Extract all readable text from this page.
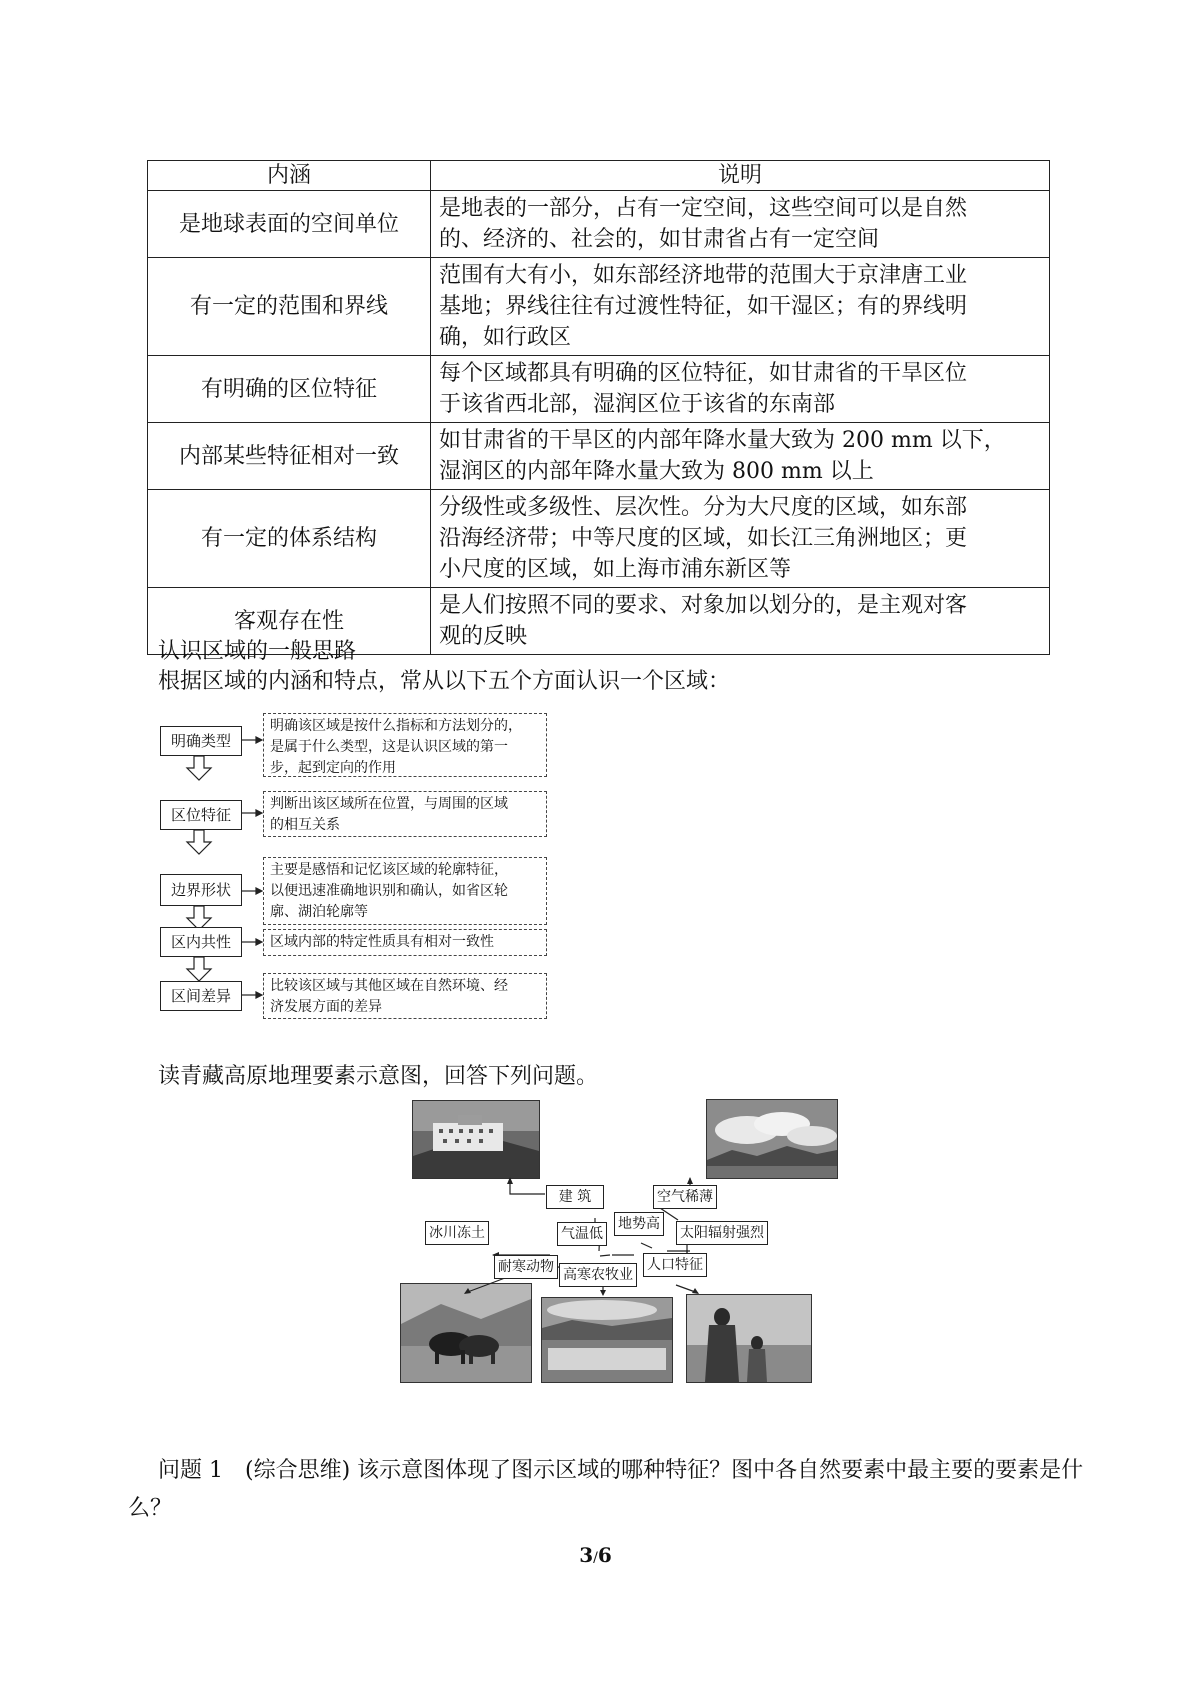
内涵	说明
是地球表面的空间单位	是地表的一部分，占有一定空间，这些空间可以是自然
的、经济的、社会的，如甘肃省占有一定空间

有一定的范围和界线	范围有大有小，如东部经济地带的范围大于京津唐工业
基地；界线往往有过渡性特征，如干湿区；有的界线明
确，如行政区

有明确的区位特征	每个区域都具有明确的区位特征，如甘肃省的干旱区位
于该省西北部，湿润区位于该省的东南部

内部某些特征相对一致	如甘肃省的干旱区的内部年降水量大致为 200 mm 以下，
湿润区的内部年降水量大致为 800 mm 以上

有一定的体系结构	分级性或多级性、层次性。分为大尺度的区域，如东部
沿海经济带；中等尺度的区域，如长江三角洲地区；更
小尺度的区域，如上海市浦东新区等

客观存在性	是人们按照不同的要求、对象加以划分的，是主观对客
观的反映
认识区域的一般思路
根据区域的内涵和特点，常从以下五个方面认识一个区域：
明确类型
明确该区域是按什么指标和方法划分的，
是属于什么类型，这是认识区域的第一
步，起到定向的作用
区位特征
判断出该区域所在位置，与周围的区域
的相互关系
边界形状
主要是感悟和记忆该区域的轮廓特征，
以便迅速准确地识别和确认，如省区轮
廓、湖泊轮廓等
区内共性	区域内部的特定性质具有相对一致性
区间差异
比较该区域与其他区域在自然环境、经
济发展方面的差异
读青藏高原地理要素示意图，回答下列问题。
建 筑	空气稀薄
地势高
冰川冻土	气温低	太阳辐射强烈
耐寒动物 高寒农牧业
人口特征
问题 1　(综合思维) 该示意图体现了图示区域的哪种特征？图中各自然要素中最主要的要素是什么？
3/6
